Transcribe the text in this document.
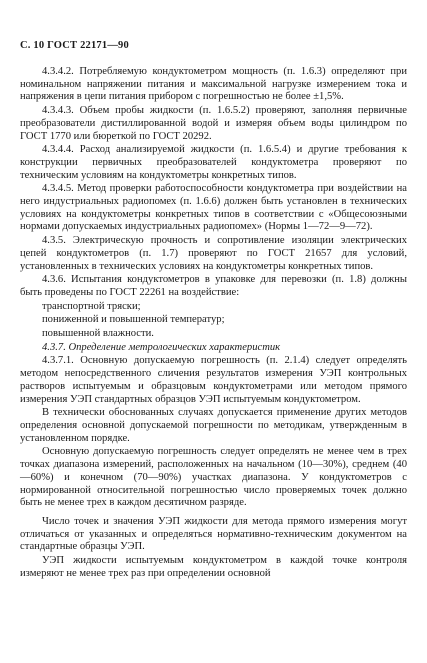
С. 10 ГОСТ 22171—90

4.3.4.2. Потребляемую кондуктометром мощность (п. 1.6.3) определяют при номинальном напряжении питания и максимальной нагрузке измерением тока и напряжения в цепи питания прибором с погрешностью не более ±1,5%.

4.3.4.3. Объем пробы жидкости (п. 1.6.5.2) проверяют, заполняя первичные преобразователи дистиллированной водой и измеряя объем воды цилиндром по ГОСТ 1770 или бюреткой по ГОСТ 20292.

4.3.4.4. Расход анализируемой жидкости (п. 1.6.5.4) и другие требования к конструкции первичных преобразователей кондуктометра проверяют по техническим условиям на кондуктометры конкретных типов.

4.3.4.5. Метод проверки работоспособности кондуктометра при воздействии на него индустриальных радиопомех (п. 1.6.6) должен быть установлен в технических условиях на кондуктометры конкретных типов в соответствии с «Общесоюзными нормами допускаемых индустриальных радиопомех» (Нормы 1—72—9—72).

4.3.5. Электрическую прочность и сопротивление изоляции электрических цепей кондуктометров (п. 1.7) проверяют по ГОСТ 21657 для условий, установленных в технических условиях на кондуктометры конкретных типов.

4.3.6. Испытания кондуктометров в упаковке для перевозки (п. 1.8) должны быть проведены по ГОСТ 22261 на воздействие:

транспортной тряски;

пониженной и повышенной температур;

повышенной влажности.

4.3.7. Определение метрологических характеристик

4.3.7.1. Основную допускаемую погрешность (п. 2.1.4) следует определять методом непосредственного сличения результатов измерения УЭП контрольных растворов испытуемым и образцовым кондуктометрами или методом прямого измерения УЭП стандартных образцов УЭП испытуемым кондуктометром.

В технически обоснованных случаях допускается применение других методов определения основной допускаемой погрешности по методикам, утвержденным в установленном порядке.

Основную допускаемую погрешность следует определять не менее чем в трех точках диапазона измерений, расположенных на начальном (10—30%), среднем (40—60%) и конечном (70—90%) участках диапазона. У кондуктометров с нормированной относительной погрешностью число проверяемых точек должно быть не менее трех в каждом десятичном разряде.

Число точек и значения УЭП жидкости для метода прямого измерения могут отличаться от указанных и определяться нормативно-техническим документом на стандартные образцы УЭП.

УЭП жидкости испытуемым кондуктометром в каждой точке контроля измеряют не менее трех раз при определении основной
